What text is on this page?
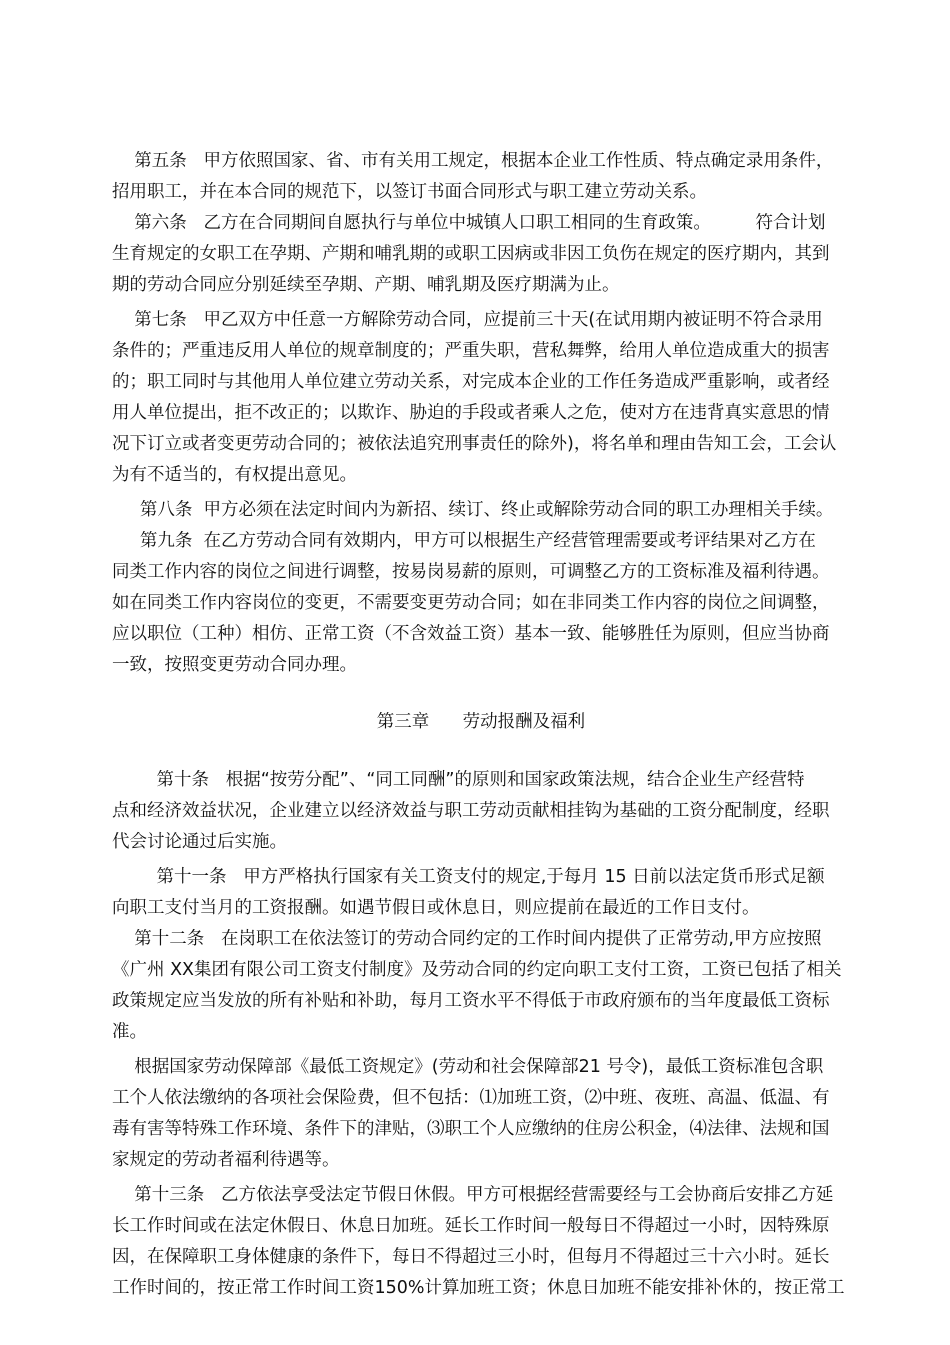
第五条   甲方依照国家、省、市有关用工规定，根据本企业工作性质、特点确定录用条件，
招用职工，并在本合同的规范下，以签订书面合同形式与职工建立劳动关系。
第六条   乙方在合同期间自愿执行与单位中城镇人口职工相同的生育政策。        符合计划
生育规定的女职工在孕期、产期和哺乳期的或职工因病或非因工负伤在规定的医疗期内，其到
期的劳动合同应分别延续至孕期、产期、哺乳期及医疗期满为止。
第七条   甲乙双方中任意一方解除劳动合同，应提前三十天(在试用期内被证明不符合录用
条件的；严重违反用人单位的规章制度的；严重失职，营私舞弊，给用人单位造成重大的损害
的；职工同时与其他用人单位建立劳动关系，对完成本企业的工作任务造成严重影响，或者经
用人单位提出，拒不改正的；以欺诈、胁迫的手段或者乘人之危，使对方在违背真实意思的情
况下订立或者变更劳动合同的；被依法追究刑事责任的除外)，将名单和理由告知工会，工会认
为有不适当的，有权提出意见。
第八条  甲方必须在法定时间内为新招、续订、终止或解除劳动合同的职工办理相关手续。
第九条  在乙方劳动合同有效期内，甲方可以根据生产经营管理需要或考评结果对乙方在
同类工作内容的岗位之间进行调整，按易岗易薪的原则，可调整乙方的工资标准及福利待遇。
如在同类工作内容岗位的变更，不需要变更劳动合同；如在非同类工作内容的岗位之间调整，
应以职位（工种）相仿、正常工资（不含效益工资）基本一致、能够胜任为原则，但应当协商
一致，按照变更劳动合同办理。
第三章      劳动报酬及福利
第十条   根据“按劳分配”、“同工同酬”的原则和国家政策法规，结合企业生产经营特
点和经济效益状况，企业建立以经济效益与职工劳动贡献相挂钩为基础的工资分配制度，经职
代会讨论通过后实施。
第十一条   甲方严格执行国家有关工资支付的规定,于每月 15 日前以法定货币形式足额
向职工支付当月的工资报酬。如遇节假日或休息日，则应提前在最近的工作日支付。
第十二条   在岗职工在依法签订的劳动合同约定的工作时间内提供了正常劳动,甲方应按照
《广州 XX集团有限公司工资支付制度》及劳动合同的约定向职工支付工资，工资已包括了相关
政策规定应当发放的所有补贴和补助，每月工资水平不得低于市政府颁布的当年度最低工资标
准。
根据国家劳动保障部《最低工资规定》(劳动和社会保障部21 号令)，最低工资标准包含职
工个人依法缴纳的各项社会保险费，但不包括：⑴加班工资，⑵中班、夜班、高温、低温、有
毒有害等特殊工作环境、条件下的津贴，⑶职工个人应缴纳的住房公积金，⑷法律、法规和国
家规定的劳动者福利待遇等。
第十三条   乙方依法享受法定节假日休假。甲方可根据经营需要经与工会协商后安排乙方延
长工作时间或在法定休假日、休息日加班。延长工作时间一般每日不得超过一小时，因特殊原
因，在保障职工身体健康的条件下，每日不得超过三小时，但每月不得超过三十六小时。延长
工作时间的，按正常工作时间工资150%计算加班工资；休息日加班不能安排补休的，按正常工
